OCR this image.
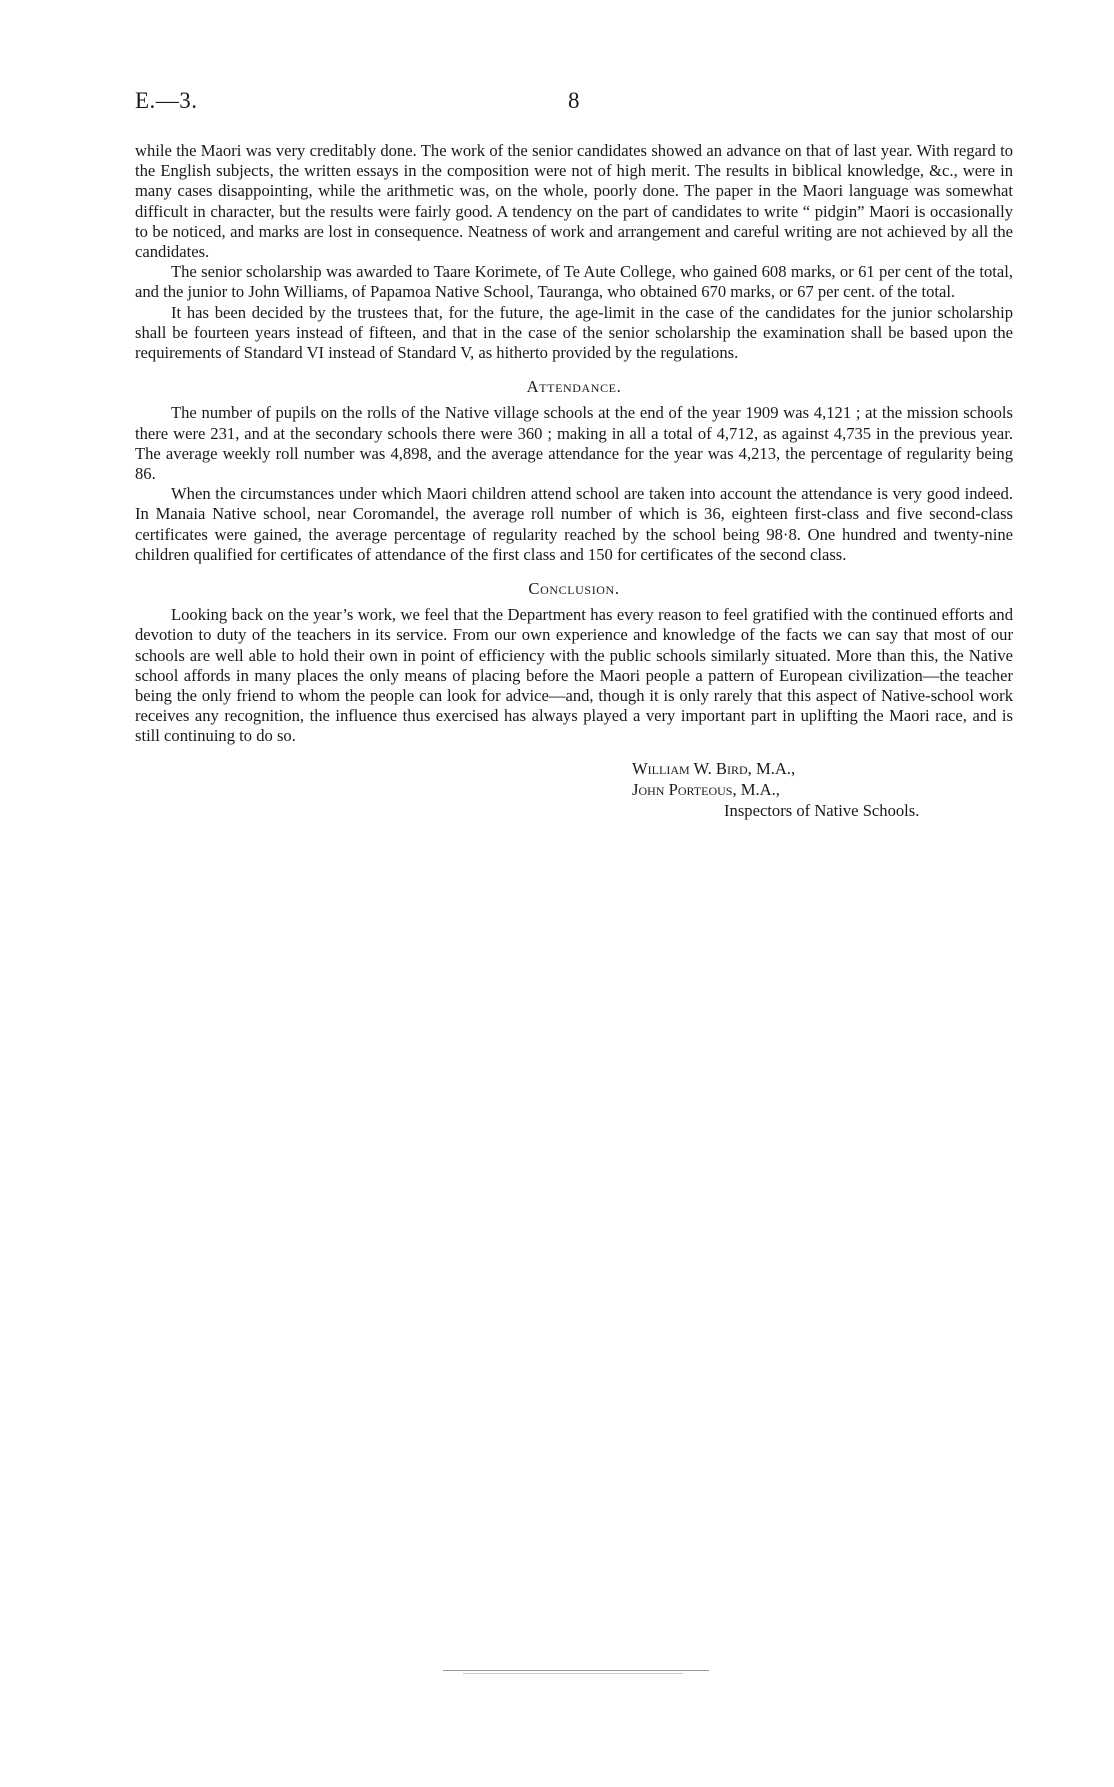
E.—3.	8

while the Maori was very creditably done. The work of the senior candidates showed an advance on that of last year. With regard to the English subjects, the written essays in the composition were not of high merit. The results in biblical knowledge, &c., were in many cases disappointing, while the arithmetic was, on the whole, poorly done. The paper in the Maori language was somewhat difficult in character, but the results were fairly good. A tendency on the part of candidates to write “ pidgin” Maori is occasionally to be noticed, and marks are lost in consequence. Neatness of work and arrangement and careful writing are not achieved by all the candidates.

The senior scholarship was awarded to Taare Korimete, of Te Aute College, who gained 608 marks, or 61 per cent of the total, and the junior to John Williams, of Papamoa Native School, Tauranga, who obtained 670 marks, or 67 per cent. of the total.

It has been decided by the trustees that, for the future, the age-limit in the case of the candidates for the junior scholarship shall be fourteen years instead of fifteen, and that in the case of the senior scholarship the examination shall be based upon the requirements of Standard VI instead of Standard V, as hitherto provided by the regulations.

Attendance.

The number of pupils on the rolls of the Native village schools at the end of the year 1909 was 4,121 ; at the mission schools there were 231, and at the secondary schools there were 360 ; making in all a total of 4,712, as against 4,735 in the previous year. The average weekly roll number was 4,898, and the average attendance for the year was 4,213, the percentage of regularity being 86.

When the circumstances under which Maori children attend school are taken into account the attendance is very good indeed. In Manaia Native school, near Coromandel, the average roll number of which is 36, eighteen first-class and five second-class certificates were gained, the average percentage of regularity reached by the school being 98·8. One hundred and twenty-nine children qualified for certificates of attendance of the first class and 150 for certificates of the second class.

Conclusion.

Looking back on the year’s work, we feel that the Department has every reason to feel gratified with the continued efforts and devotion to duty of the teachers in its service. From our own experience and knowledge of the facts we can say that most of our schools are well able to hold their own in point of efficiency with the public schools similarly situated. More than this, the Native school affords in many places the only means of placing before the Maori people a pattern of European civilization—the teacher being the only friend to whom the people can look for advice—and, though it is only rarely that this aspect of Native-school work receives any recognition, the influence thus exercised has always played a very important part in uplifting the Maori race, and is still continuing to do so.

William W. Bird, M.A.,
John Porteous, M.A.,
Inspectors of Native Schools.
